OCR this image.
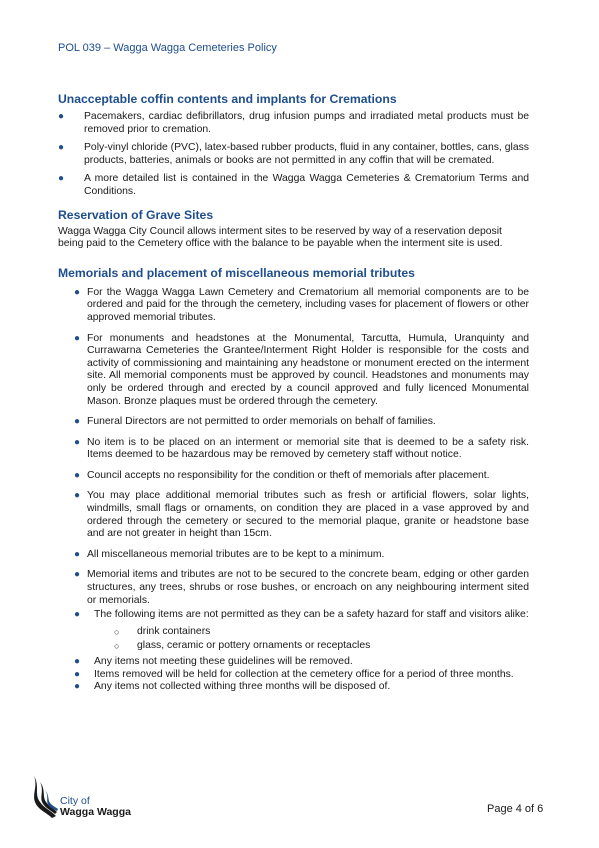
POL 039 – Wagga Wagga Cemeteries Policy
Unacceptable coffin contents and implants for Cremations
● Pacemakers, cardiac defibrillators, drug infusion pumps and irradiated metal products must be removed prior to cremation.
● Poly-vinyl chloride (PVC), latex-based rubber products, fluid in any container, bottles, cans, glass products, batteries, animals or books are not permitted in any coffin that will be cremated.
● A more detailed list is contained in the Wagga Wagga Cemeteries & Crematorium Terms and Conditions.
Reservation of Grave Sites

Wagga Wagga City Council allows interment sites to be reserved by way of a reservation deposit being paid to the Cemetery office with the balance to be payable when the interment site is used.

Memorials and placement of miscellaneous memorial tributes
● For the Wagga Wagga Lawn Cemetery and Crematorium all memorial components are to be ordered and paid for the through the cemetery, including vases for placement of flowers or other approved memorial tributes.
● For monuments and headstones at the Monumental, Tarcutta, Humula, Uranquinty and Currawarna Cemeteries the Grantee/Interment Right Holder is responsible for the costs and activity of commissioning and maintaining any headstone or monument erected on the interment site. All memorial components must be approved by council. Headstones and monuments may only be ordered through and erected by a council approved and fully licenced Monumental Mason. Bronze plaques must be ordered through the cemetery.
● Funeral Directors are not permitted to order memorials on behalf of families.
● No item is to be placed on an interment or memorial site that is deemed to be a safety risk. Items deemed to be hazardous may be removed by cemetery staff without notice.
● Council accepts no responsibility for the condition or theft of memorials after placement.
● You may place additional memorial tributes such as fresh or artificial flowers, solar lights, windmills, small flags or ornaments, on condition they are placed in a vase approved by and ordered through the cemetery or secured to the memorial plaque, granite or headstone base and are not greater in height than 15cm.
● All miscellaneous memorial tributes are to be kept to a minimum.
● Memorial items and tributes are not to be secured to the concrete beam, edging or other garden structures, any trees, shrubs or rose bushes, or encroach on any neighbouring interment sited or memorials.
● The following items are not permitted as they can be a safety hazard for staff and visitors alike:
○ drink containers
○ glass, ceramic or pottery ornaments or receptacles
● Any items not meeting these guidelines will be removed.
● Items removed will be held for collection at the cemetery office for a period of three months.
● Any items not collected withing three months will be disposed of.
City of
Wagga Wagga	Page 4 of 6
